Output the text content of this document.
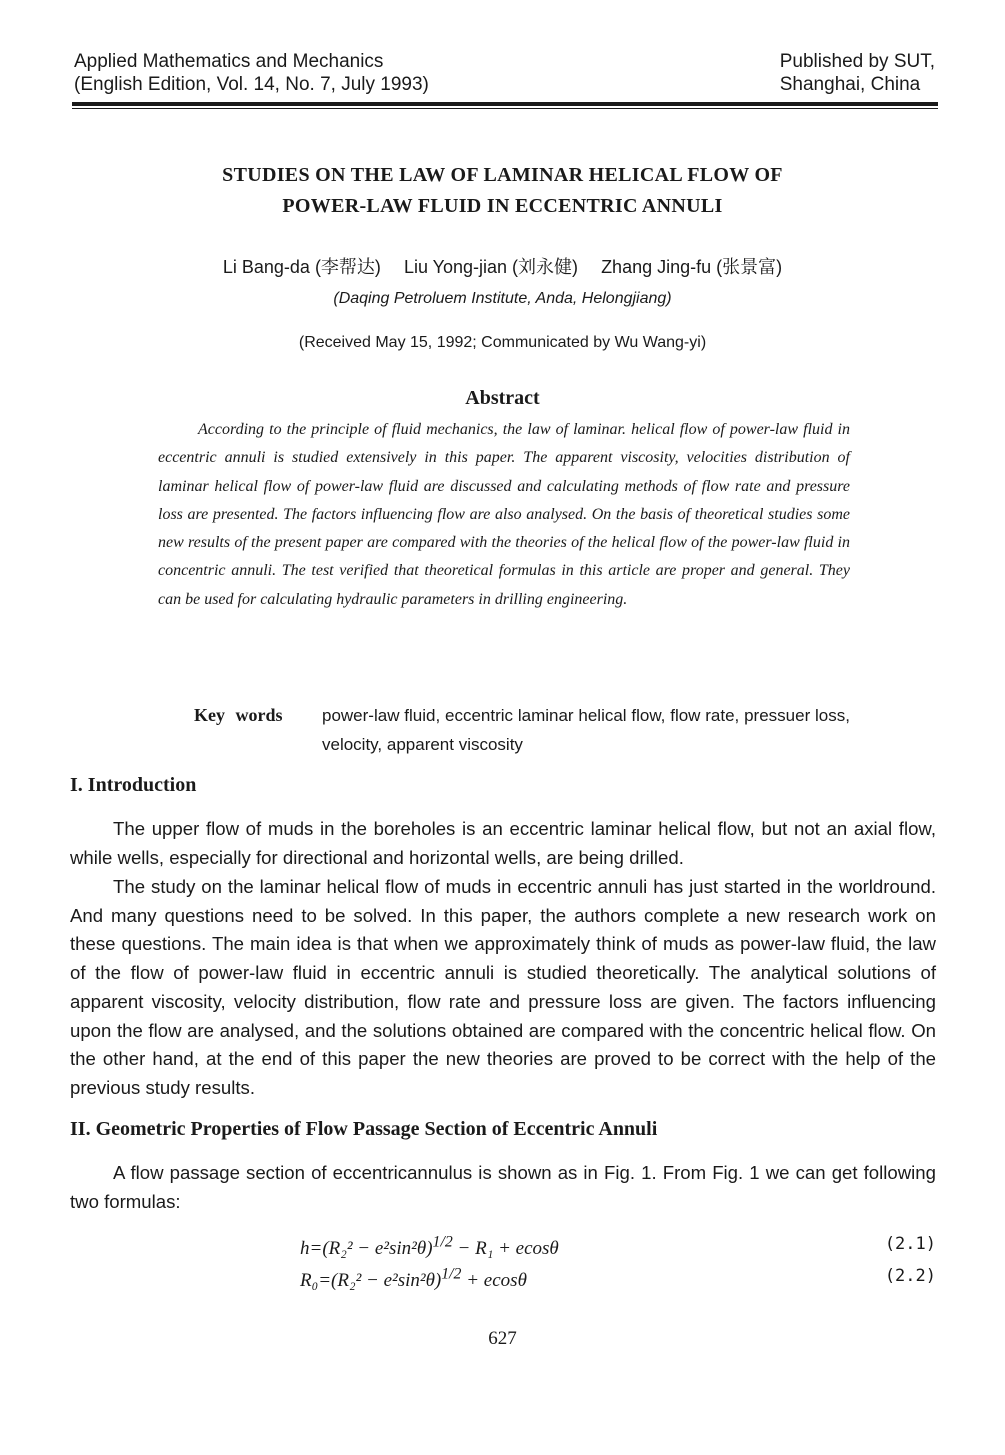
Applied Mathematics and Mechanics
(English Edition, Vol. 14, No. 7, July 1993)
Published by SUT,
Shanghai, China
STUDIES ON THE LAW OF LAMINAR HELICAL FLOW OF
POWER-LAW FLUID IN ECCENTRIC ANNULI
Li Bang-da (李帮达) Liu Yong-jian (刘永健) Zhang Jing-fu (张景富)
(Daqing Petroluem Institute, Anda, Helongjiang)
(Received May 15, 1992; Communicated by Wu Wang-yi)
Abstract
According to the principle of fluid mechanics, the law of laminar. helical flow of power-law fluid in eccentric annuli is studied extensively in this paper. The apparent viscosity, velocities distribution of laminar helical flow of power-law fluid are discussed and calculating methods of flow rate and pressure loss are presented. The factors influencing flow are also analysed. On the basis of theoretical studies some new results of the present paper are compared with the theories of the helical flow of the power-law fluid in concentric annuli. The test verified that theoretical formulas in this article are proper and general. They can be used for calculating hydraulic parameters in drilling engineering.
Key words power-law fluid, eccentric laminar helical flow, flow rate, pressuer loss, velocity, apparent viscosity
I. Introduction
The upper flow of muds in the boreholes is an eccentric laminar helical flow, but not an axial flow, while wells, especially for directional and horizontal wells, are being drilled.
The study on the laminar helical flow of muds in eccentric annuli has just started in the worldround. And many questions need to be solved. In this paper, the authors complete a new research work on these questions. The main idea is that when we approximately think of muds as power-law fluid, the law of the flow of power-law fluid in eccentric annuli is studied theoretically. The analytical solutions of apparent viscosity, velocity distribution, flow rate and pressure loss are given. The factors influencing upon the flow are analysed, and the solutions obtained are compared with the concentric helical flow. On the other hand, at the end of this paper the new theories are proved to be correct with the help of the previous study results.
II. Geometric Properties of Flow Passage Section of Eccentric Annuli
A flow passage section of eccentricannulus is shown as in Fig. 1. From Fig. 1 we can get following two formulas:
$h=(R_2^2 - e^2\sin^2\theta)^{1/2} - R_1 + ecos\theta$	(2.1)
$R_0=(R_2^2 - e^2\sin^2\theta)^{1/2} + ecos\theta$	(2.2)
627
